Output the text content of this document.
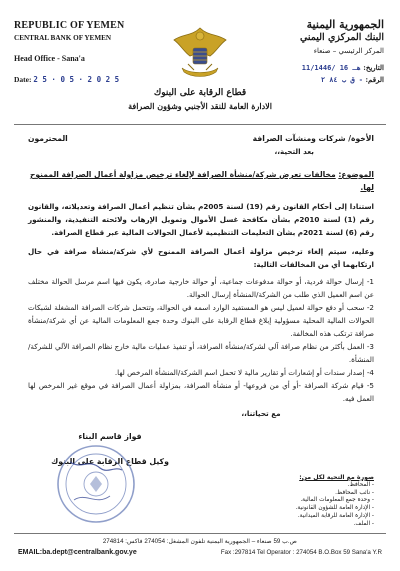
REPUBLIC OF YEMEN
CENTRAL BANK OF YEMEN
Head Office - Sana'a
Date: 2 5 · 0 5 · 2 0 2 5
قطاع الرقابة على البنوك
الادارة العامة للنقد الأجنبي وشؤون الصرافة
الجمهورية اليمنية
البنك المركزي اليمني
المركز الرئيسي – صنعاء
التاريخ: 11/1446/ 16 هـ
الرقم: ق ب ٨٤ ٢ -
الأخوة/ شركات ومنشآت الصرافة
المحترمون
بعد التحية،،
الموضوع: مخالفات تعرض شركة/منشأة الصرافة لإلغاء ترخيص مزاولة أعمال الصرافة الممنوح لها.

استنادا إلى أحكام القانون رقم (19) لسنة 2005م بشأن تنظيم أعمال الصرافة وتعديلاته، والقانون رقم (1) لسنة 2010م بشأن مكافحة غسل الأموال وتمويل الإرهاب ولائحته التنفيذية، والمنشور رقم (6) لسنة 2021م بشأن التعليمات التنظيمية لأعمال الحوالات المالية عبر قطاع الصرافة.

وعليه، سيتم إلغاء ترخيص مزاولة أعمال الصرافة الممنوح لأي شركة/منشأة صرافة في حال ارتكابهما أي من المخالفات التالية:

1- إرسال حوالة فردية، أو حوالة مدفوعات جماعية، أو حوالة خارجية صادرة، يكون فيها اسم مرسل الحوالة مختلف عن اسم العميل الذي طلب من الشركة/المنشأة إرسال الحوالة.
2- سحب أو دفع حوالة لعميل ليس هو المستفيد الوارد اسمه في الحوالة، وتتحمل شركات الصرافة المشغلة لشبكات الحوالات المالية المحلية مسؤولية إبلاغ قطاع الرقابة على البنوك وحدة جمع المعلومات المالية عن أي شركة/منشأة صرافة ترتكب هذه المخالفة.
3- العمل بأكثر من نظام صرافة آلي لشركة/منشأة الصرافة، أو تنفيذ عمليات مالية خارج نظام الصرافة الآلي للشركة/المنشأة.
4- إصدار سندات أو إشعارات أو تقارير مالية لا تحمل اسم الشركة/المنشأة المرخص لها.
5- قيام شركة الصرافة -أو أي من فروعها- أو منشأة الصرافة، بمزاولة أعمال الصرافة في موقع غير المرخص لها العمل فيه.
مع تحياتنا،،
فواز قاسم البناء
وكيل قطاع الرقابة على البنوك
صورة مع التحية لكل من:
- المحافظ.
- نائب المحافظ.
- وحدة جمع المعلومات المالية.
- الإدارة العامة للشؤون القانونية.
- الإدارة العامة للرقابة الميدانية.
- الملف.
ص.ب 59 صنعاء – الجمهورية اليمنية تلفون المشغل: 274054 فاكس: 274814
EMAIL:ba.dept@centralbank.gov.ye	Fax :297814 Tel Operator : 274054 B.O.Box 59 Sana'a Y.R
